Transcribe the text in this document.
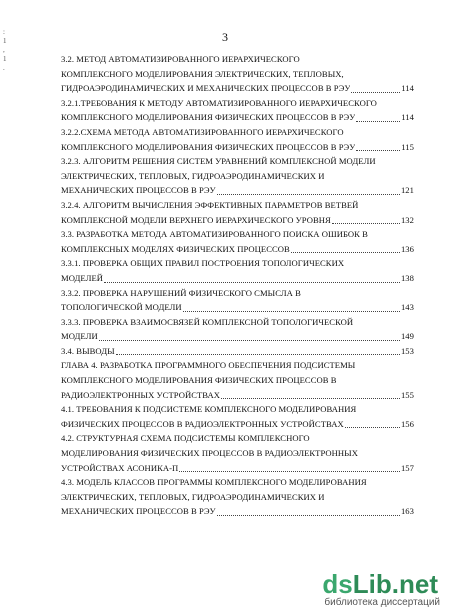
3
:
1
,
1
.
3.2. МЕТОД АВТОМАТИЗИРОВАННОГО ИЕРАРХИЧЕСКОГО
КОМПЛЕКСНОГО МОДЕЛИРОВАНИЯ ЭЛЕКТРИЧЕСКИХ, ТЕПЛОВЫХ,
ГИДРОАЭРОДИНАМИЧЕСКИХ И МЕХАНИЧЕСКИХ ПРОЦЕССОВ В РЭУ	114
3.2.1.ТРЕБОВАНИЯ К МЕТОДУ АВТОМАТИЗИРОВАННОГО ИЕРАРХИЧЕСКОГО
КОМПЛЕКСНОГО МОДЕЛИРОВАНИЯ ФИЗИЧЕСКИХ ПРОЦЕССОВ В РЭУ	114
3.2.2.СХЕМА МЕТОДА АВТОМАТИЗИРОВАННОГО ИЕРАРХИЧЕСКОГО
КОМПЛЕКСНОГО МОДЕЛИРОВАНИЯ ФИЗИЧЕСКИХ ПРОЦЕССОВ В РЭУ	115
3.2.3. АЛГОРИТМ РЕШЕНИЯ СИСТЕМ УРАВНЕНИЙ КОМПЛЕКСНОЙ МОДЕЛИ
ЭЛЕКТРИЧЕСКИХ, ТЕПЛОВЫХ, ГИДРОАЭРОДИНАМИЧЕСКИХ И
МЕХАНИЧЕСКИХ ПРОЦЕССОВ В РЭУ	121
3.2.4. АЛГОРИТМ ВЫЧИСЛЕНИЯ ЭФФЕКТИВНЫХ ПАРАМЕТРОВ ВЕТВЕЙ
КОМПЛЕКСНОЙ МОДЕЛИ ВЕРХНЕГО ИЕРАРХИЧЕСКОГО УРОВНЯ	132
3.3. РАЗРАБОТКА МЕТОДА АВТОМАТИЗИРОВАННОГО ПОИСКА ОШИБОК В
КОМПЛЕКСНЫХ МОДЕЛЯХ ФИЗИЧЕСКИХ ПРОЦЕССОВ	136
3.3.1. ПРОВЕРКА ОБЩИХ ПРАВИЛ ПОСТРОЕНИЯ ТОПОЛОГИЧЕСКИХ
МОДЕЛЕЙ	138
3.3.2. ПРОВЕРКА НАРУШЕНИЙ ФИЗИЧЕСКОГО СМЫСЛА В
ТОПОЛОГИЧЕСКОЙ МОДЕЛИ	143
3.3.3. ПРОВЕРКА ВЗАИМОСВЯЗЕЙ КОМПЛЕКСНОЙ ТОПОЛОГИЧЕСКОЙ
МОДЕЛИ	149
3.4. ВЫВОДЫ	153
ГЛАВА 4. РАЗРАБОТКА ПРОГРАММНОГО ОБЕСПЕЧЕНИЯ ПОДСИСТЕМЫ
КОМПЛЕКСНОГО МОДЕЛИРОВАНИЯ ФИЗИЧЕСКИХ ПРОЦЕССОВ В
РАДИОЭЛЕКТРОННЫХ УСТРОЙСТВАХ	155
4.1. ТРЕБОВАНИЯ К ПОДСИСТЕМЕ КОМПЛЕКСНОГО МОДЕЛИРОВАНИЯ
ФИЗИЧЕСКИХ ПРОЦЕССОВ В РАДИОЭЛЕКТРОННЫХ УСТРОЙСТВАХ	156
4.2. СТРУКТУРНАЯ СХЕМА ПОДСИСТЕМЫ КОМПЛЕКСНОГО
МОДЕЛИРОВАНИЯ ФИЗИЧЕСКИХ ПРОЦЕССОВ В РАДИОЭЛЕКТРОННЫХ
УСТРОЙСТВАХ АСОНИКА-П	157
4.3. МОДЕЛЬ КЛАССОВ ПРОГРАММЫ КОМПЛЕКСНОГО МОДЕЛИРОВАНИЯ
ЭЛЕКТРИЧЕСКИХ, ТЕПЛОВЫХ, ГИДРОАЭРОДИНАМИЧЕСКИХ И
МЕХАНИЧЕСКИХ ПРОЦЕССОВ В РЭУ	163
dsLib.net
библиотека диссертаций
